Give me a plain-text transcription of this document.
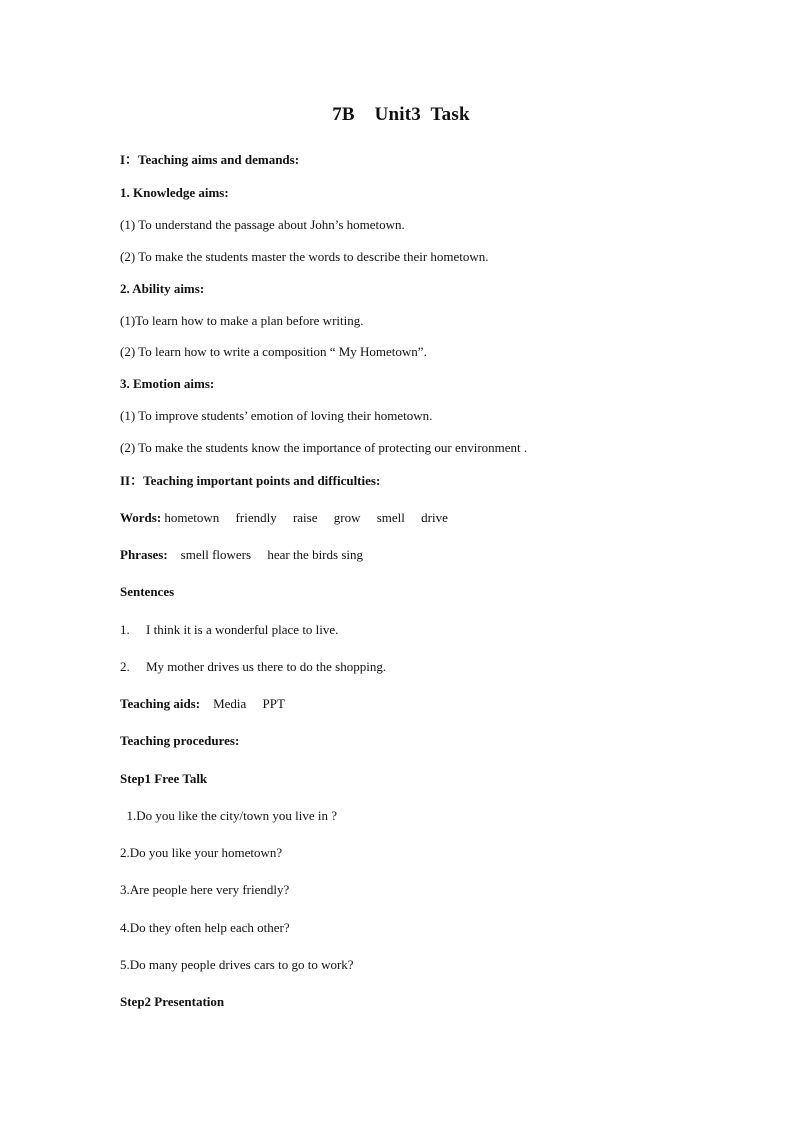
7B    Unit3  Task
I：Teaching aims and demands:
1. Knowledge aims:
(1) To understand the passage about John’s hometown.
(2) To make the students master the words to describe their hometown.
2. Ability aims:
(1)To learn how to make a plan before writing.
(2) To learn how to write a composition “ My Hometown”.
3. Emotion aims:
(1) To improve students’ emotion of loving their hometown.
(2) To make the students know the importance of protecting our environment .
II：Teaching important points and difficulties:
Words: hometown     friendly     raise     grow     smell     drive
Phrases:    smell flowers     hear the birds sing
Sentences
1.     I think it is a wonderful place to live.
2.     My mother drives us there to do the shopping.
Teaching aids:    Media     PPT
Teaching procedures:
Step1 Free Talk
1.Do you like the city/town you live in ?
2.Do you like your hometown?
3.Are people here very friendly?
4.Do they often help each other?
5.Do many people drives cars to go to work?
Step2 Presentation
